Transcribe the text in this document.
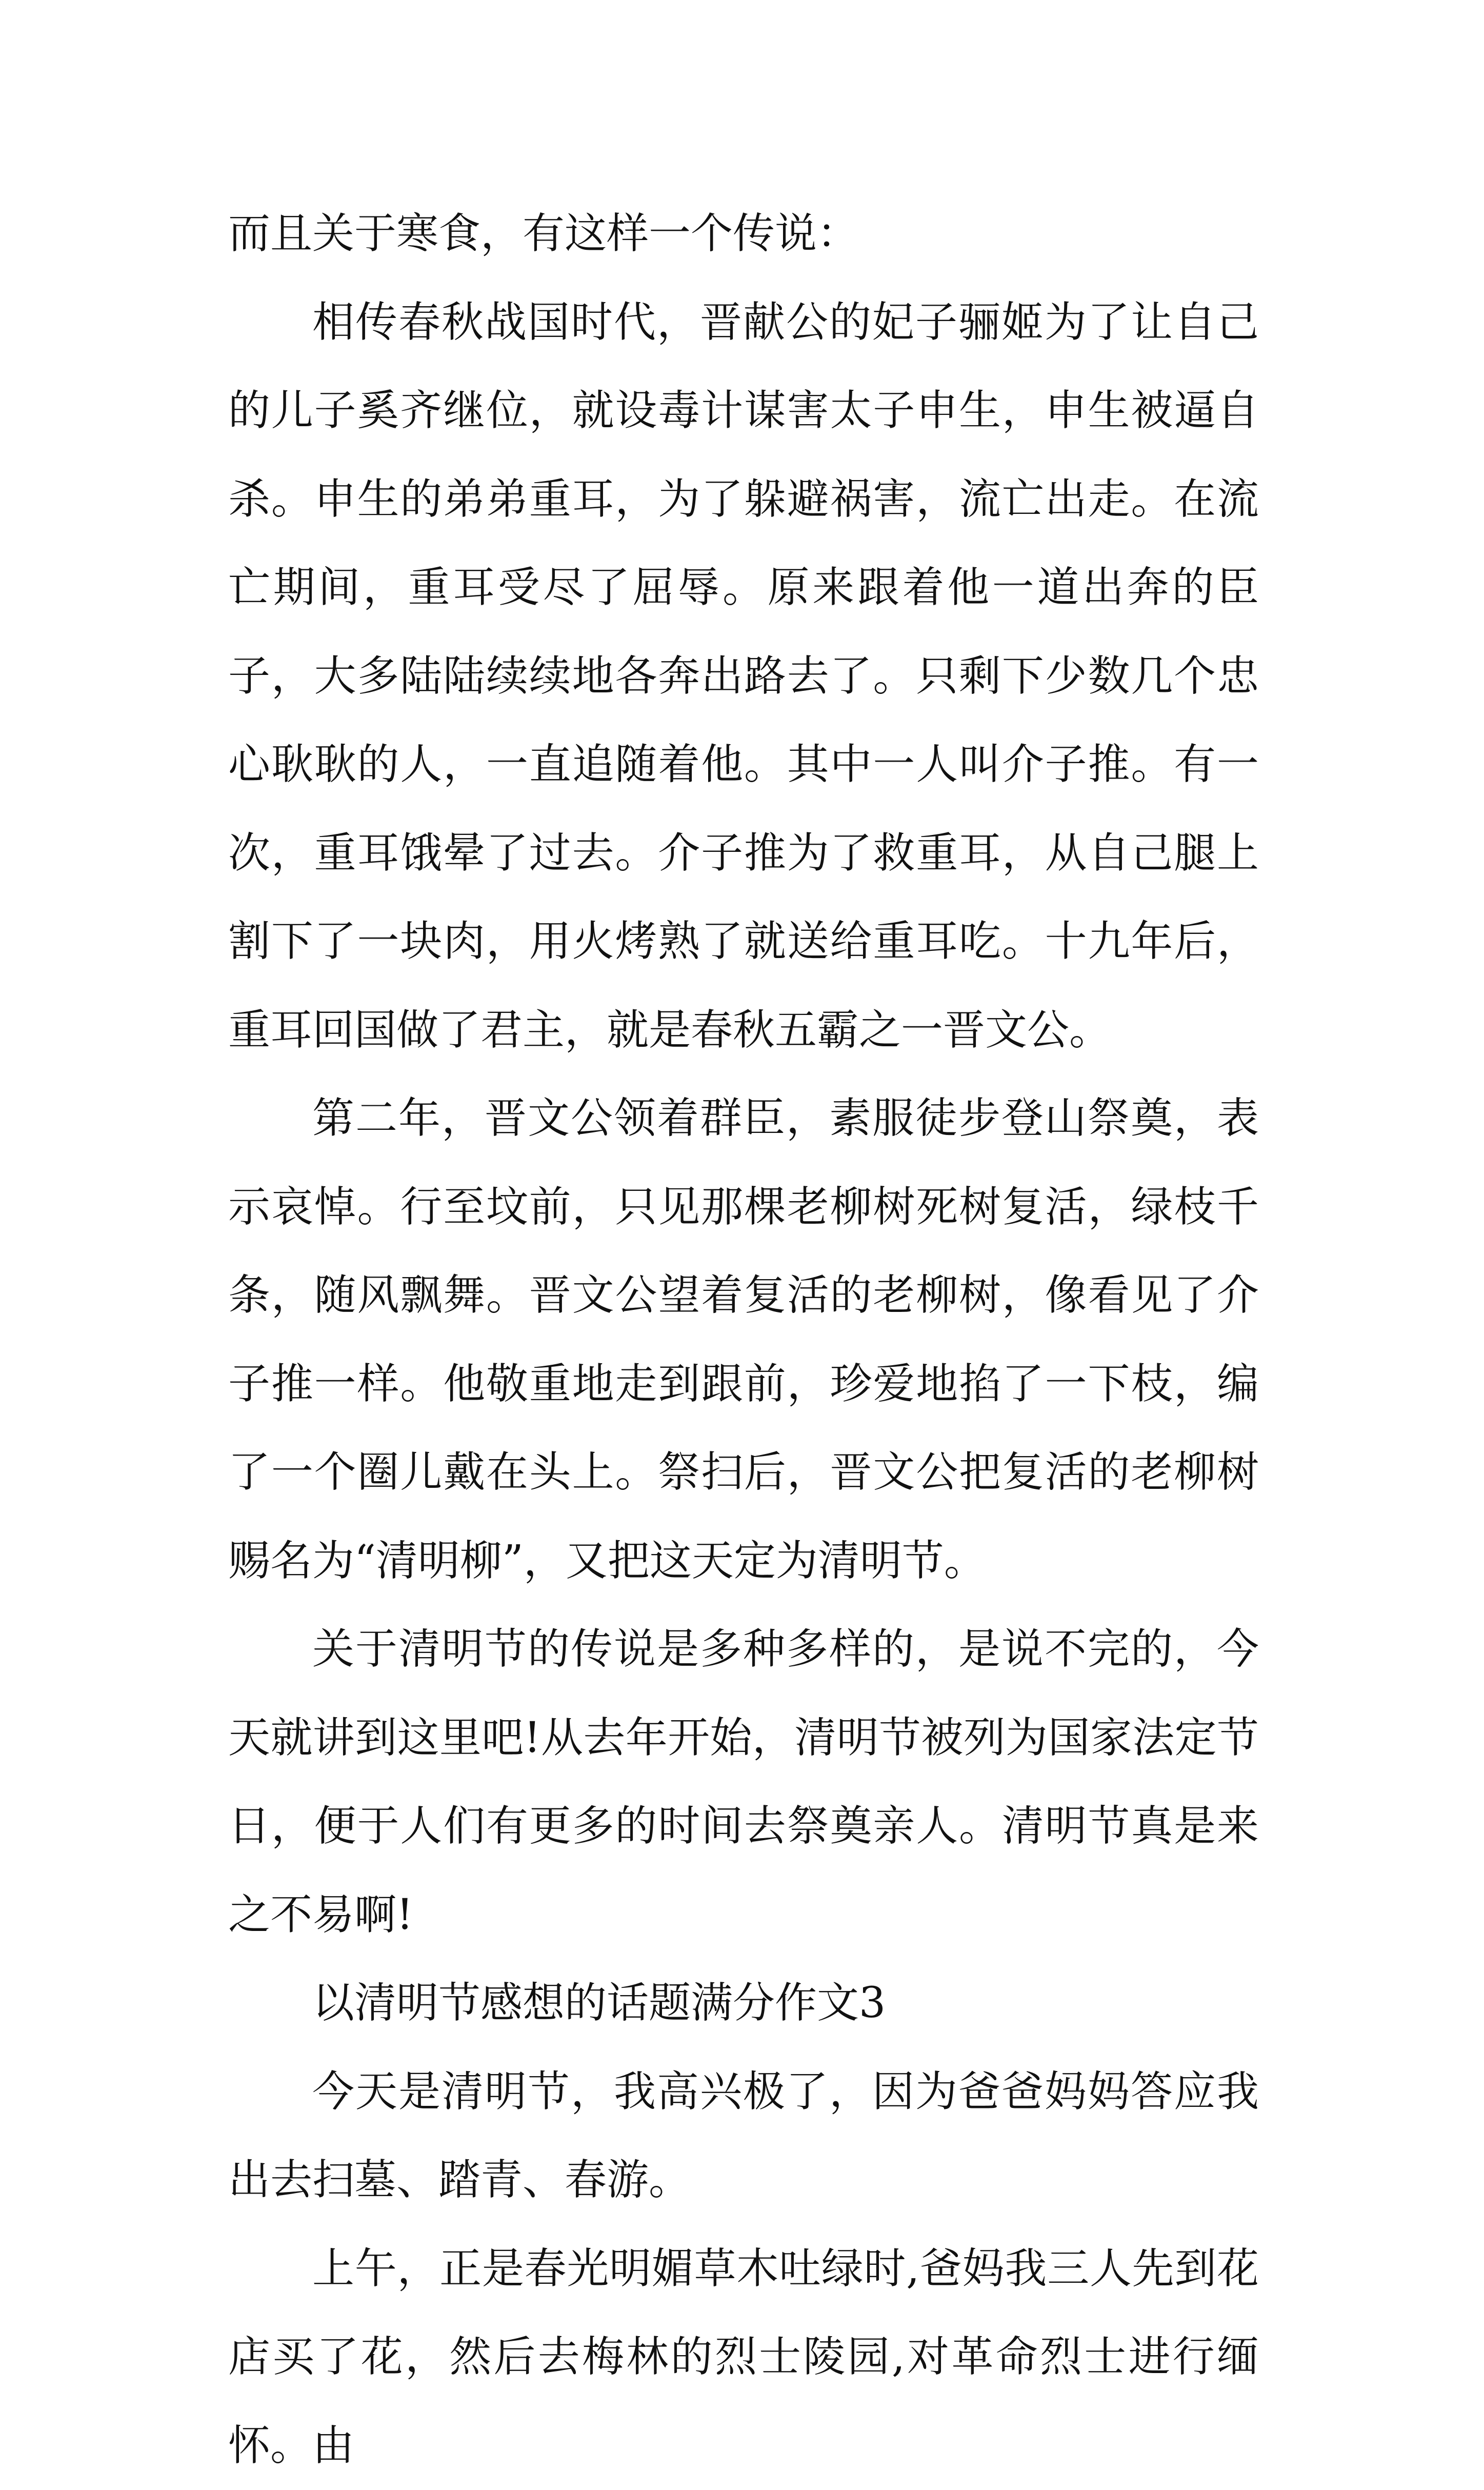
而且关于寒食，有这样一个传说：

相传春秋战国时代，晋献公的妃子骊姬为了让自己的儿子奚齐继位，就设毒计谋害太子申生，申生被逼自杀。申生的弟弟重耳，为了躲避祸害，流亡出走。在流亡期间，重耳受尽了屈辱。原来跟着他一道出奔的臣子，大多陆陆续续地各奔出路去了。只剩下少数几个忠心耿耿的人，一直追随着他。其中一人叫介子推。有一次，重耳饿晕了过去。介子推为了救重耳，从自己腿上割下了一块肉，用火烤熟了就送给重耳吃。十九年后，重耳回国做了君主，就是春秋五霸之一晋文公。

第二年，晋文公领着群臣，素服徒步登山祭奠，表示哀悼。行至坟前，只见那棵老柳树死树复活，绿枝千条，随风飘舞。晋文公望着复活的老柳树，像看见了介子推一样。他敬重地走到跟前，珍爱地掐了一下枝，编了一个圈儿戴在头上。祭扫后，晋文公把复活的老柳树赐名为“清明柳”，又把这天定为清明节。

关于清明节的传说是多种多样的，是说不完的，今天就讲到这里吧!从去年开始，清明节被列为国家法定节日，便于人们有更多的时间去祭奠亲人。清明节真是来之不易啊!

以清明节感想的话题满分作文3

今天是清明节，我高兴极了，因为爸爸妈妈答应我出去扫墓、踏青、春游。

上午，正是春光明媚草木吐绿时,爸妈我三人先到花店买了花，然后去梅林的烈士陵园,对革命烈士进行缅怀。由
